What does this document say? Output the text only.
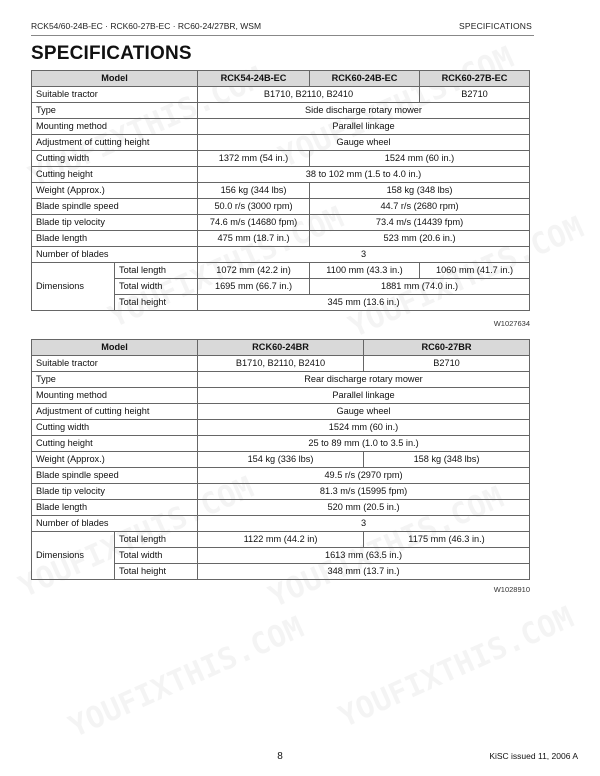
RCK54/60-24B-EC · RCK60-27B-EC · RC60-24/27BR, WSM	SPECIFICATIONS
SPECIFICATIONS
Model		RCK54-24B-EC	RCK60-24B-EC	RCK60-27B-EC
Suitable tractor		B1710, B2110, B2410		B2710
Type		Side discharge rotary mower		
Mounting method		Parallel linkage		
Adjustment of cutting height		Gauge wheel		
Cutting width		1372 mm (54 in.)	1524 mm (60 in.)	
Cutting height		38 to 102 mm (1.5 to 4.0 in.)		
Weight (Approx.)		156 kg (344 lbs)	158 kg (348 lbs)	
Blade spindle speed		50.0 r/s (3000 rpm)	44.7 r/s (2680 rpm)	
Blade tip velocity		74.6 m/s (14680 fpm)	73.4 m/s (14439 fpm)	
Blade length		475 mm (18.7 in.)	523 mm (20.6 in.)	
Number of blades		3		
Dimensions	Total length	1072 mm (42.2 in)	1100 mm (43.3 in.)	1060 mm (41.7 in.)
	Total width	1695 mm (66.7 in.)	1881 mm (74.0 in.)	
	Total height	345 mm (13.6 in.)		
W1027634
Model		RCK60-24BR	RC60-27BR
Suitable tractor		B1710, B2110, B2410	B2710
Type		Rear discharge rotary mower	
Mounting method		Parallel linkage	
Adjustment of cutting height		Gauge wheel	
Cutting width		1524 mm (60 in.)	
Cutting height		25 to 89 mm (1.0 to 3.5 in.)	
Weight (Approx.)		154 kg (336 lbs)	158 kg (348 lbs)
Blade spindle speed		49.5 r/s (2970 rpm)	
Blade tip velocity		81.3 m/s (15995 fpm)	
Blade length		520 mm (20.5 in.)	
Number of blades		3	
Dimensions	Total length	1122 mm (44.2 in)	1175 mm (46.3 in.)
	Total width	1613 mm (63.5 in.)	
	Total height	348 mm (13.7 in.)	
W1028910
8	KiSC issued 11, 2006 A
